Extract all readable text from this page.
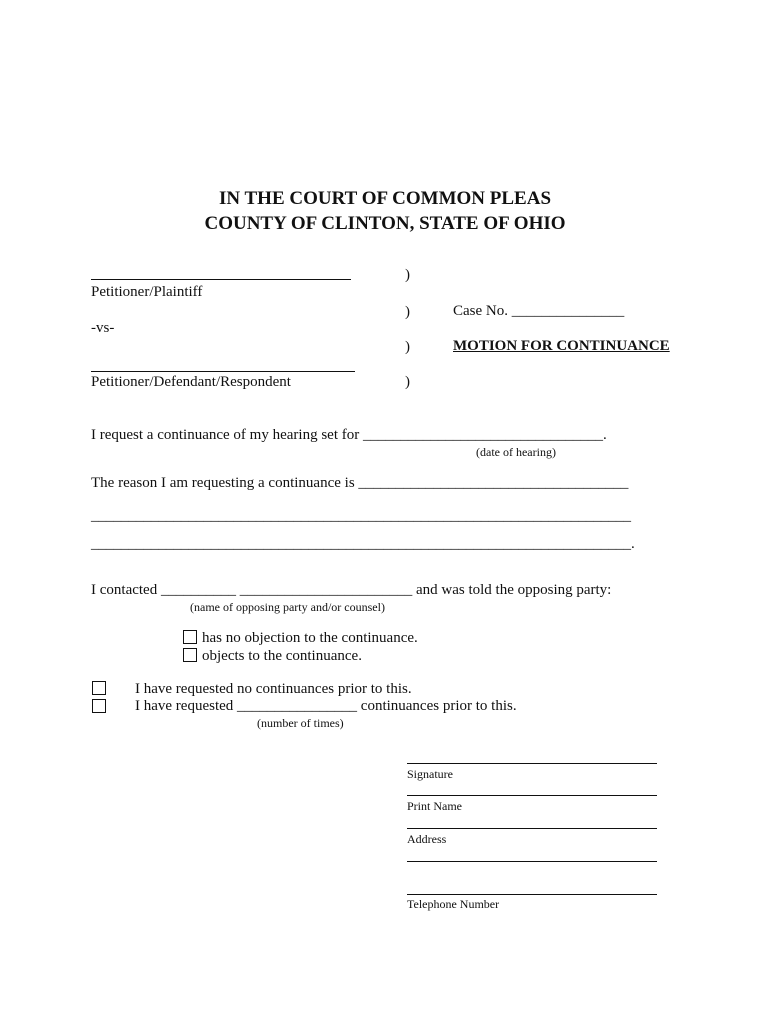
IN THE COURT OF COMMON PLEAS
COUNTY OF CLINTON, STATE OF OHIO
Petitioner/Plaintiff
-vs-
Petitioner/Defendant/Respondent
)
)
)
)
Case No. _______________
MOTION FOR CONTINUANCE
I request a continuance of my hearing set for ________________________________.
(date of hearing)
The reason I am requesting a continuance is ____________________________________
________________________________________________________________________
________________________________________________________________________.
I contacted __________ _______________________ and was told the opposing party:
(name of opposing party and/or counsel)
has no objection to the continuance.
objects to the continuance.
I have requested no continuances prior to this.
I have requested ________________ continuances prior to this.
(number of times)
Signature
Print Name
Address
Telephone Number
